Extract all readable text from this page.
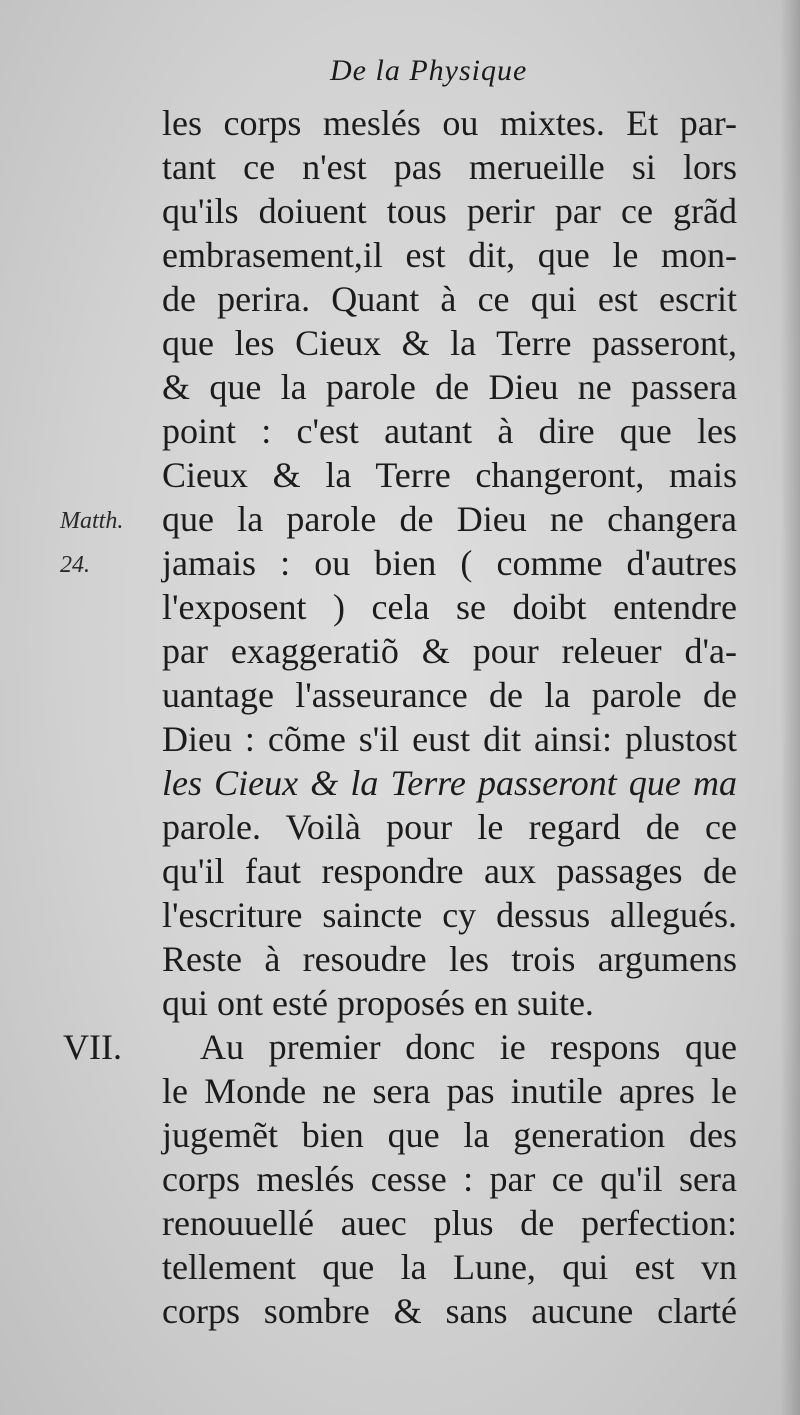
De la Physique
Matth.
24.
VII.
les corps meslés ou mixtes. Et par-
tant ce n'est pas merueille si lors
qu'ils doiuent tous perir par ce grãd
embrasement,il est dit, que le mon-
de perira. Quant à ce qui est escrit
que les Cieux & la Terre passeront,
& que la parole de Dieu ne passera
point : c'est autant à dire que les
Cieux & la Terre changeront, mais
que la parole de Dieu ne changera
jamais : ou bien ( comme d'autres
l'exposent ) cela se doibt entendre
par exaggeratiõ & pour releuer d'a-
uantage l'asseurance de la parole de
Dieu : cõme s'il eust dit ainsi: plustost
les Cieux & la Terre passeront que ma
parole. Voilà pour le regard de ce
qu'il faut respondre aux passages de
l'escriture saincte cy dessus allegués.
Reste à resoudre les trois argumens
qui ont esté proposés en suite.
Au premier donc ie respons que
le Monde ne sera pas inutile apres le
jugemẽt bien que la generation des
corps meslés cesse : par ce qu'il sera
renouuellé auec plus de perfection:
tellement que la Lune, qui est vn
corps sombre & sans aucune clarté
